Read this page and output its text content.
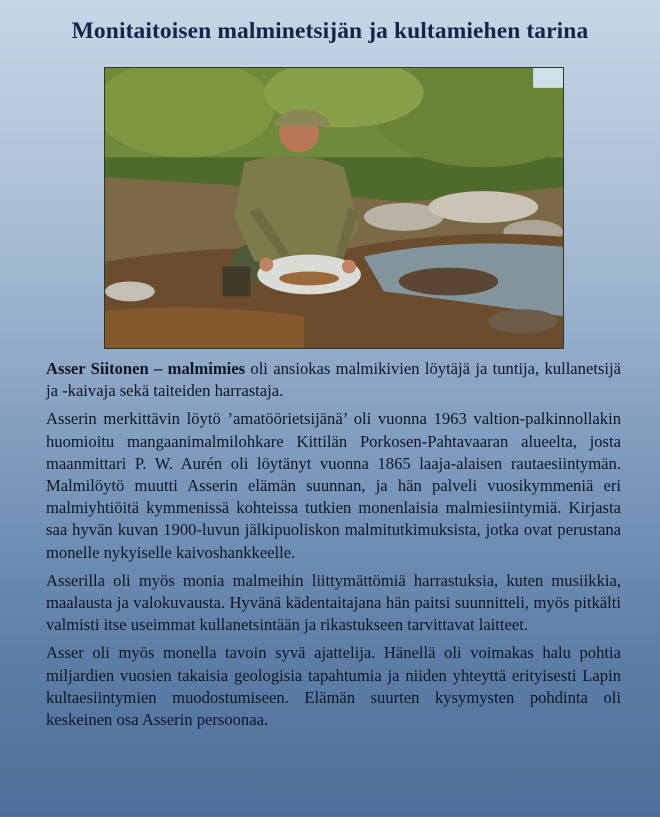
Monitaitoisen malminetsijän ja kultamiehen tarina

Asser Siitonen – malmimies oli ansiokas malmikivien löytäjä ja tuntija, kullanetsijä ja -kaivaja sekä taiteiden harrastaja.

Asserin merkittävin löytö ’amatöörietsijänä’ oli vuonna 1963 valtion-palkinnollakin huomioitu mangaanimalmilohkare Kittilän Porkosen-Pahtavaaran alueelta, josta maanmittari P. W. Aurén oli löytänyt vuonna 1865 laaja-alaisen rautaesiintymän. Malmilöytö muutti Asserin elämän suunnan, ja hän palveli vuosikymmeniä eri malmiyhtiöitä kymmenissä kohteissa tutkien monenlaisia malmiesiintymiä. Kirjasta saa hyvän kuvan 1900-luvun jälkipuoliskon malmitutkimuksista, jotka ovat perustana monelle nykyiselle kaivoshankkeelle.

Asserilla oli myös monia malmeihin liittymättömiä harrastuksia, kuten musiikkia, maalausta ja valokuvausta. Hyvänä kädentaitajana hän paitsi suunnitteli, myös pitkälti valmisti itse useimmat kullanetsintään ja rikastukseen tarvittavat laitteet.

Asser oli myös monella tavoin syvä ajattelija. Hänellä oli voimakas halu pohtia miljardien vuosien takaisia geologisia tapahtumia ja niiden yhteyttä erityisesti Lapin kultaesiintymien muodostumiseen. Elämän suurten kysymysten pohdinta oli keskeinen osa Asserin persoonaa.
